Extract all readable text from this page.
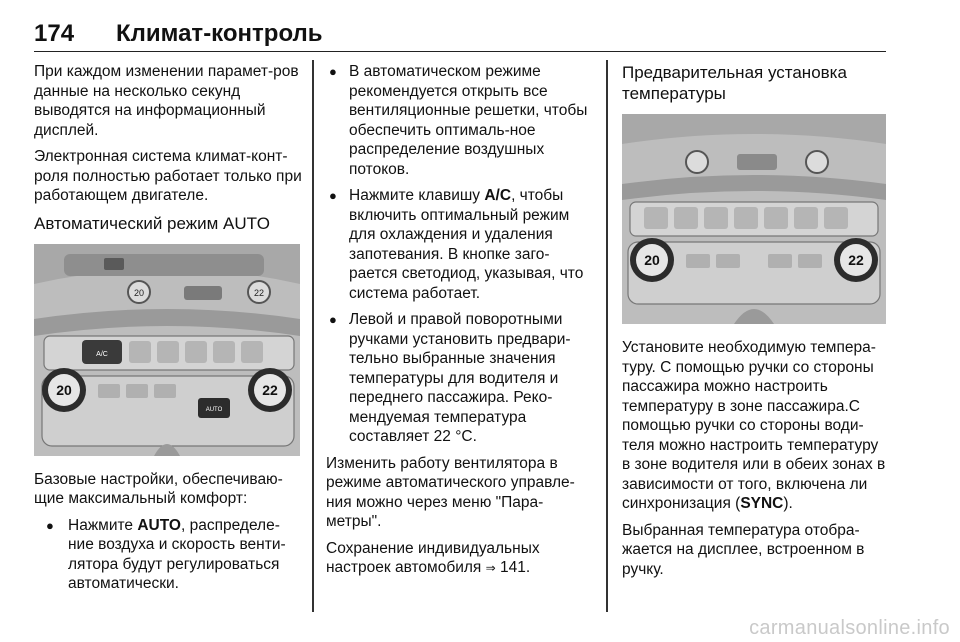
174 Климат-контроль

При каждом изменении парамет-ров данные на несколько секунд выводятся на информационный дисплей.

Электронная система климат-конт-роля полностью работает только при работающем двигателе.

Автоматический режим AUTO
20	22
A/C
20	22
AUTO

Базовые настройки, обеспечиваю-щие максимальный комфорт:

● Нажмите AUTO, распределе-ние воздуха и скорость венти-лятора будут регулироваться автоматически.
● В автоматическом режиме рекомендуется открыть все вентиляционные решетки, чтобы обеспечить оптималь-ное распределение воздушных потоков.
● Нажмите клавишу A/C, чтобы включить оптимальный режим для охлаждения и удаления запотевания. В кнопке заго-рается светодиод, указывая, что система работает.
● Левой и правой поворотными ручками установить предвари-тельно выбранные значения температуры для водителя и переднего пассажира. Реко-мендуемая температура составляет 22 °C.

Изменить работу вентилятора в режиме автоматического управле-ния можно через меню "Пара-метры".

Сохранение индивидуальных настроек автомобиля ⇒ 141.

Предварительная установка температуры
20	22

Установите необходимую темпера-туру. С помощью ручки со стороны пассажира можно настроить температуру в зоне пассажира.С помощью ручки со стороны води-теля можно настроить температуру в зоне водителя или в обеих зонах в зависимости от того, включена ли синхронизация (SYNC).

Выбранная температура отобра-жается на дисплее, встроенном в ручку.

carmanualsonline.info
